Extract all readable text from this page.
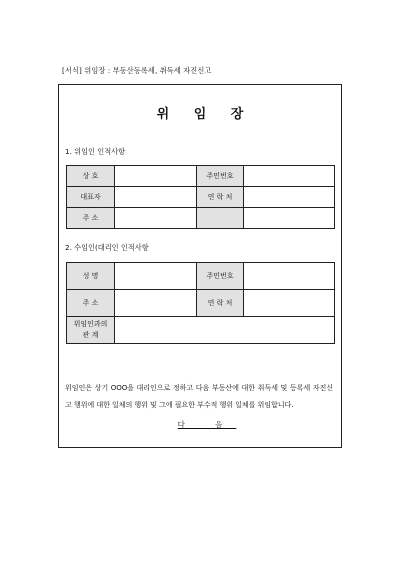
[서식] 위임장 : 부동산등록세, 취득세 자진신고
위 임 장
1. 위임인 인적사항
상 호		주민번호	
대표자		연 락 처	
주 소			
2. 수임인(대리인 인적사항
성 명		주민번호	
주 소		연 락 처	

위임인과의
관 계			

위임인은 상기 OOO을 대리인으로 정하고 다음 부동산에 대한 취득세 및 등록세 자진신고 행위에 대한 일체의 행위 및 그에 필요한 부수적 행위 일체를 위임합니다.
다 음
